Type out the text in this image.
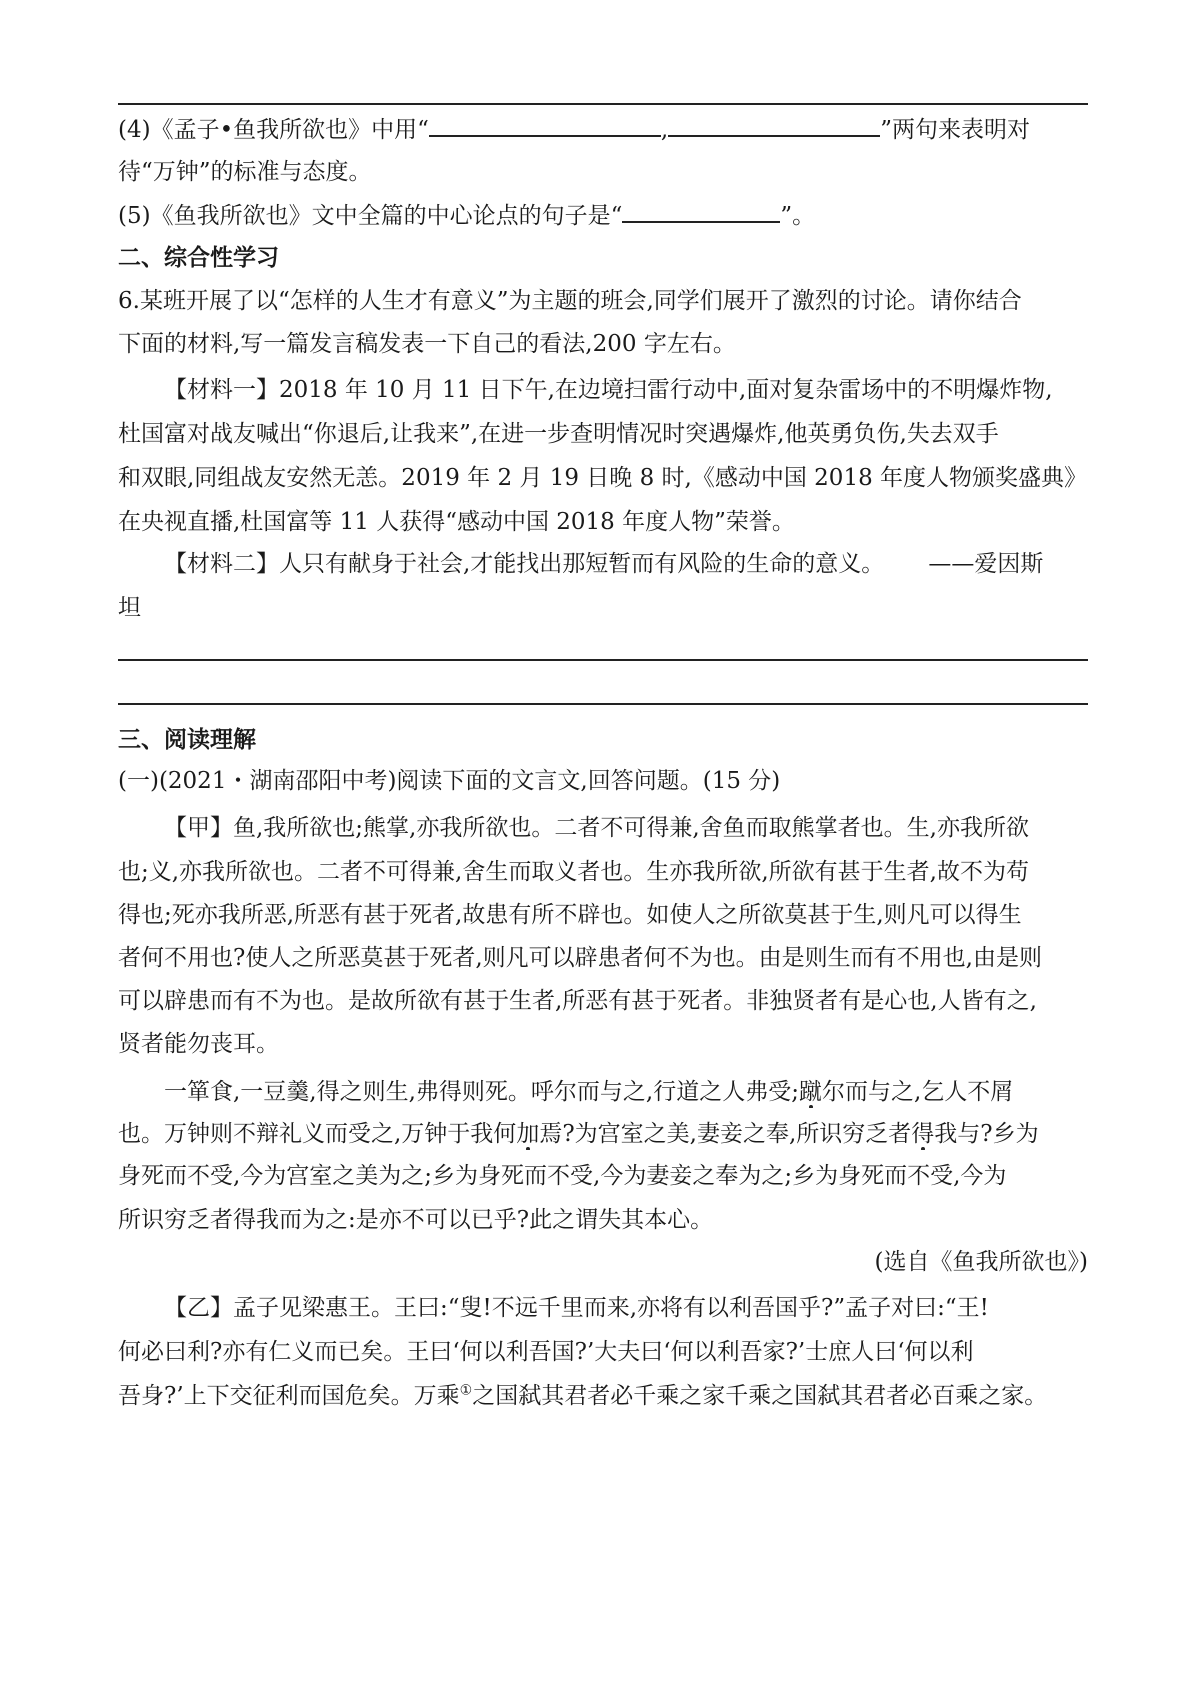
(4)《孟子•鱼我所欲也》中用“	,	”两句来表明对
待“万钟”的标准与态度。
(5)《鱼我所欲也》文中全篇的中心论点的句子是“	”。
二、综合性学习
6.某班开展了以“怎样的人生才有意义”为主题的班会,同学们展开了激烈的讨论。请你结合
下面的材料,写一篇发言稿发表一下自己的看法,200 字左右。
【材料一】2018 年 10 月 11 日下午,在边境扫雷行动中,面对复杂雷场中的不明爆炸物,
杜国富对战友喊出“你退后,让我来”,在进一步查明情况时突遇爆炸,他英勇负伤,失去双手
和双眼,同组战友安然无恙。2019 年 2 月 19 日晚 8 时,《感动中国 2018 年度人物颁奖盛典》
在央视直播,杜国富等 11 人获得“感动中国 2018 年度人物”荣誉。
【材料二】人只有献身于社会,才能找出那短暂而有风险的生命的意义。 ——爱因斯
坦
三、阅读理解
(一)(2021・湖南邵阳中考)阅读下面的文言文,回答问题。(15 分)
【甲】鱼,我所欲也;熊掌,亦我所欲也。二者不可得兼,舍鱼而取熊掌者也。生,亦我所欲
也;义,亦我所欲也。二者不可得兼,舍生而取义者也。生亦我所欲,所欲有甚于生者,故不为苟
得也;死亦我所恶,所恶有甚于死者,故患有所不辟也。如使人之所欲莫甚于生,则凡可以得生
者何不用也?使人之所恶莫甚于死者,则凡可以辟患者何不为也。由是则生而有不用也,由是则
可以辟患而有不为也。是故所欲有甚于生者,所恶有甚于死者。非独贤者有是心也,人皆有之,
贤者能勿丧耳。
一箪食,一豆羹,得之则生,弗得则死。呼尔而与之,行道之人弗受;蹴尔而与之,乞人不屑
也。万钟则不辩礼义而受之,万钟于我何加焉?为宫室之美,妻妾之奉,所识穷乏者得我与?乡为
身死而不受,今为宫室之美为之;乡为身死而不受,今为妻妾之奉为之;乡为身死而不受,今为
所识穷乏者得我而为之:是亦不可以已乎?此之谓失其本心。
(选自《鱼我所欲也》)
【乙】孟子见梁惠王。王曰:“叟!不远千里而来,亦将有以利吾国乎?”孟子对曰:“王!
何必曰利?亦有仁义而已矣。王曰‘何以利吾国?’大夫曰‘何以利吾家?’士庶人曰‘何以利
吾身?’上下交征利而国危矣。万乘①之国弑其君者必千乘之家千乘之国弑其君者必百乘之家。
